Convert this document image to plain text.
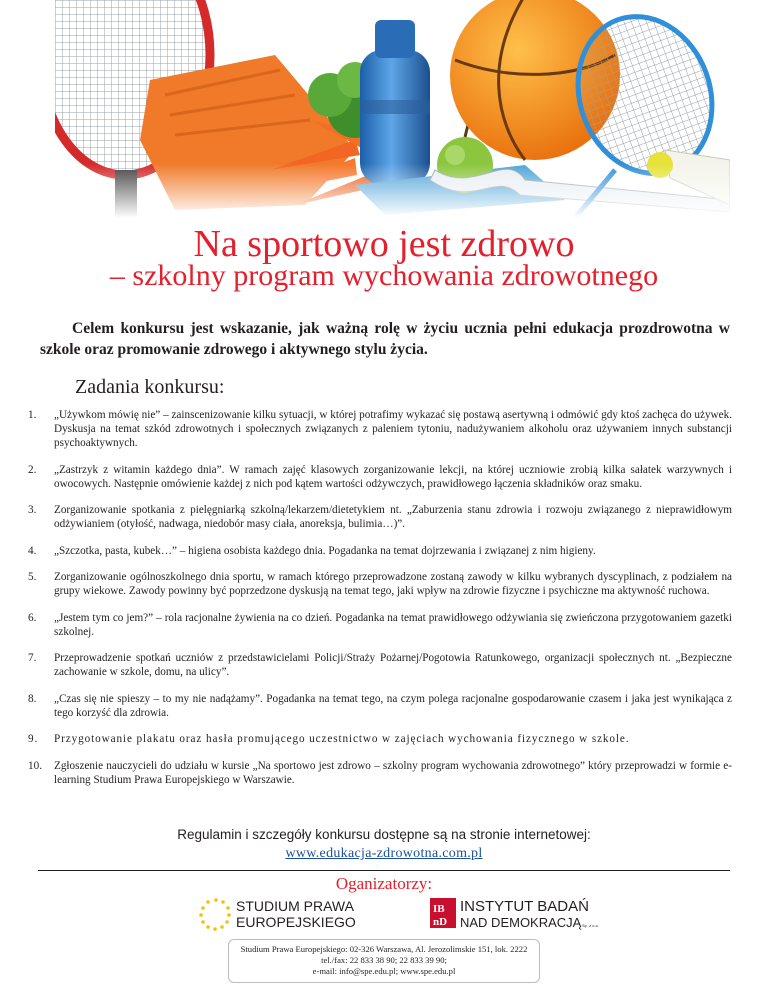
Na sportowo jest zdrowo
– szkolny program wychowania zdrowotnego
Celem konkursu jest wskazanie, jak ważną rolę w życiu ucznia pełni edukacja prozdrowotna w szkole oraz promowanie zdrowego i aktywnego stylu życia.
Zadania konkursu:
1. „Używkom mówię nie” – zainscenizowanie kilku sytuacji, w której potrafimy wykazać się postawą asertywną i odmówić gdy ktoś zachęca do używek. Dyskusja na temat szkód zdrowotnych i społecznych związanych z paleniem tytoniu, nadużywaniem alkoholu oraz używaniem innych substancji psychoaktywnych.
2. „Zastrzyk z witamin każdego dnia”. W ramach zajęć klasowych zorganizowanie lekcji, na której uczniowie zrobią kilka sałatek warzywnych i owocowych. Następnie omówienie każdej z nich pod kątem wartości odżywczych, prawidłowego łączenia składników oraz smaku.
3. Zorganizowanie spotkania z pielęgniarką szkolną/lekarzem/dietetykiem nt. „Zaburzenia stanu zdrowia i rozwoju związanego z nieprawidłowym odżywianiem (otyłość, nadwaga, niedobór masy ciała, anoreksja, bulimia…)”.
4. „Szczotka, pasta, kubek…” – higiena osobista każdego dnia. Pogadanka na temat dojrzewania i związanej z nim higieny.
5. Zorganizowanie ogólnoszkolnego dnia sportu, w ramach którego przeprowadzone zostaną zawody w kilku wybranych dyscyplinach, z podziałem na grupy wiekowe. Zawody powinny być poprzedzone dyskusją na temat tego, jaki wpływ na zdrowie fizyczne i psychiczne ma aktywność ruchowa.
6. „Jestem tym co jem?” – rola racjonalne żywienia na co dzień. Pogadanka na temat prawidłowego odżywiania się zwieńczona przygotowaniem gazetki szkolnej.
7. Przeprowadzenie spotkań uczniów z przedstawicielami Policji/Straży Pożarnej/Pogotowia Ratunkowego, organizacji społecznych nt. „Bezpieczne zachowanie w szkole, domu, na ulicy”.
8. „Czas się nie spieszy – to my nie nadążamy”. Pogadanka na temat tego, na czym polega racjonalne gospodarowanie czasem i jaka jest wynikająca z tego korzyść dla zdrowia.
9. Przygotowanie plakatu oraz hasła promującego uczestnictwo w zajęciach wychowania fizycznego w szkole.
10. Zgłoszenie nauczycieli do udziału w kursie „Na sportowo jest zdrowo – szkolny program wychowania zdrowotnego” który przeprowadzi w formie e-learning Studium Prawa Europejskiego w Warszawie.
Regulamin i szczegóły konkursu dostępne są na stronie internetowej:
www.edukacja-zdrowotna.com.pl
Oganizatorzy:
STUDIUM PRAWA
EUROPEJSKIEGO
IB
nD
INSTYTUT BADAŃ
NAD DEMOKRACJĄ Sp. z o.o.
Studium Prawa Europejskiego: 02-326 Warszawa, Al. Jerozolimskie 151, lok. 2222
tel./fax: 22 833 38 90; 22 833 39 90;
e-mail: info@spe.edu.pl; www.spe.edu.pl
